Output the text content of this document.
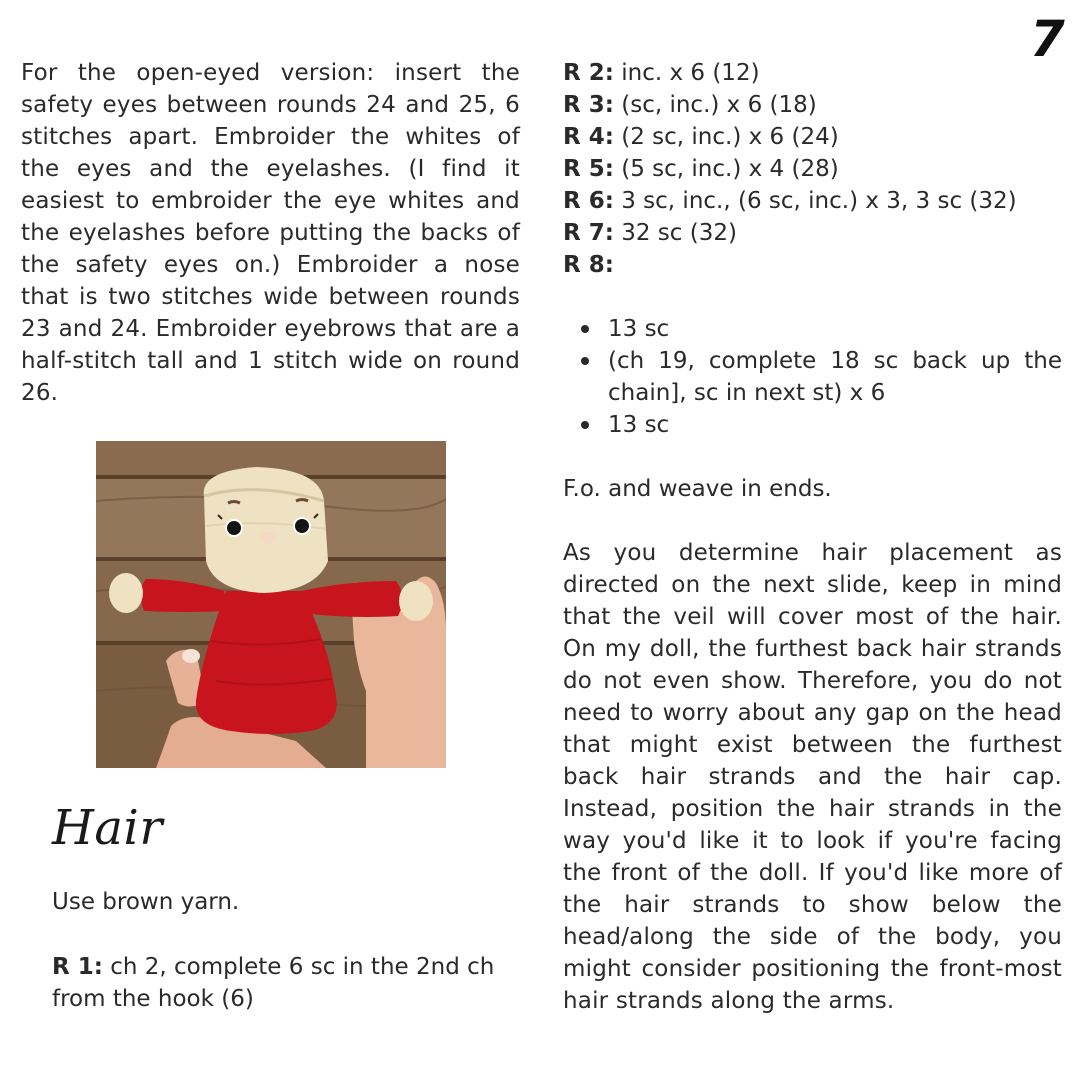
7

For the open-eyed version: insert the safety eyes between rounds 24 and 25, 6 stitches apart. Embroider the whites of the eyes and the eyelashes. (I find it easiest to embroider the eye whites and the eyelashes before putting the backs of the safety eyes on.) Embroider a nose that is two stitches wide between rounds 23 and 24. Embroider eyebrows that are a half-stitch tall and 1 stitch wide on round 26.

Hair

Use brown yarn.

R 1: ch 2, complete 6 sc in the 2nd ch from the hook (6)

R 2: inc. x 6 (12)
R 3: (sc, inc.) x 6 (18)
R 4: (2 sc, inc.) x 6 (24)
R 5: (5 sc, inc.) x 4 (28)
R 6: 3 sc, inc., (6 sc, inc.) x 3, 3 sc (32)
R 7: 32 sc (32)
R 8:
13 sc
(ch 19, complete 18 sc back up the chain], sc in next st) x 6
13 sc

F.o. and weave in ends.

As you determine hair placement as directed on the next slide, keep in mind that the veil will cover most of the hair. On my doll, the furthest back hair strands do not even show. Therefore, you do not need to worry about any gap on the head that might exist between the furthest back hair strands and the hair cap. Instead, position the hair strands in the way you'd like it to look if you're facing the front of the doll. If you'd like more of the hair strands to show below the head/along the side of the body, you might consider positioning the front-most hair strands along the arms.
